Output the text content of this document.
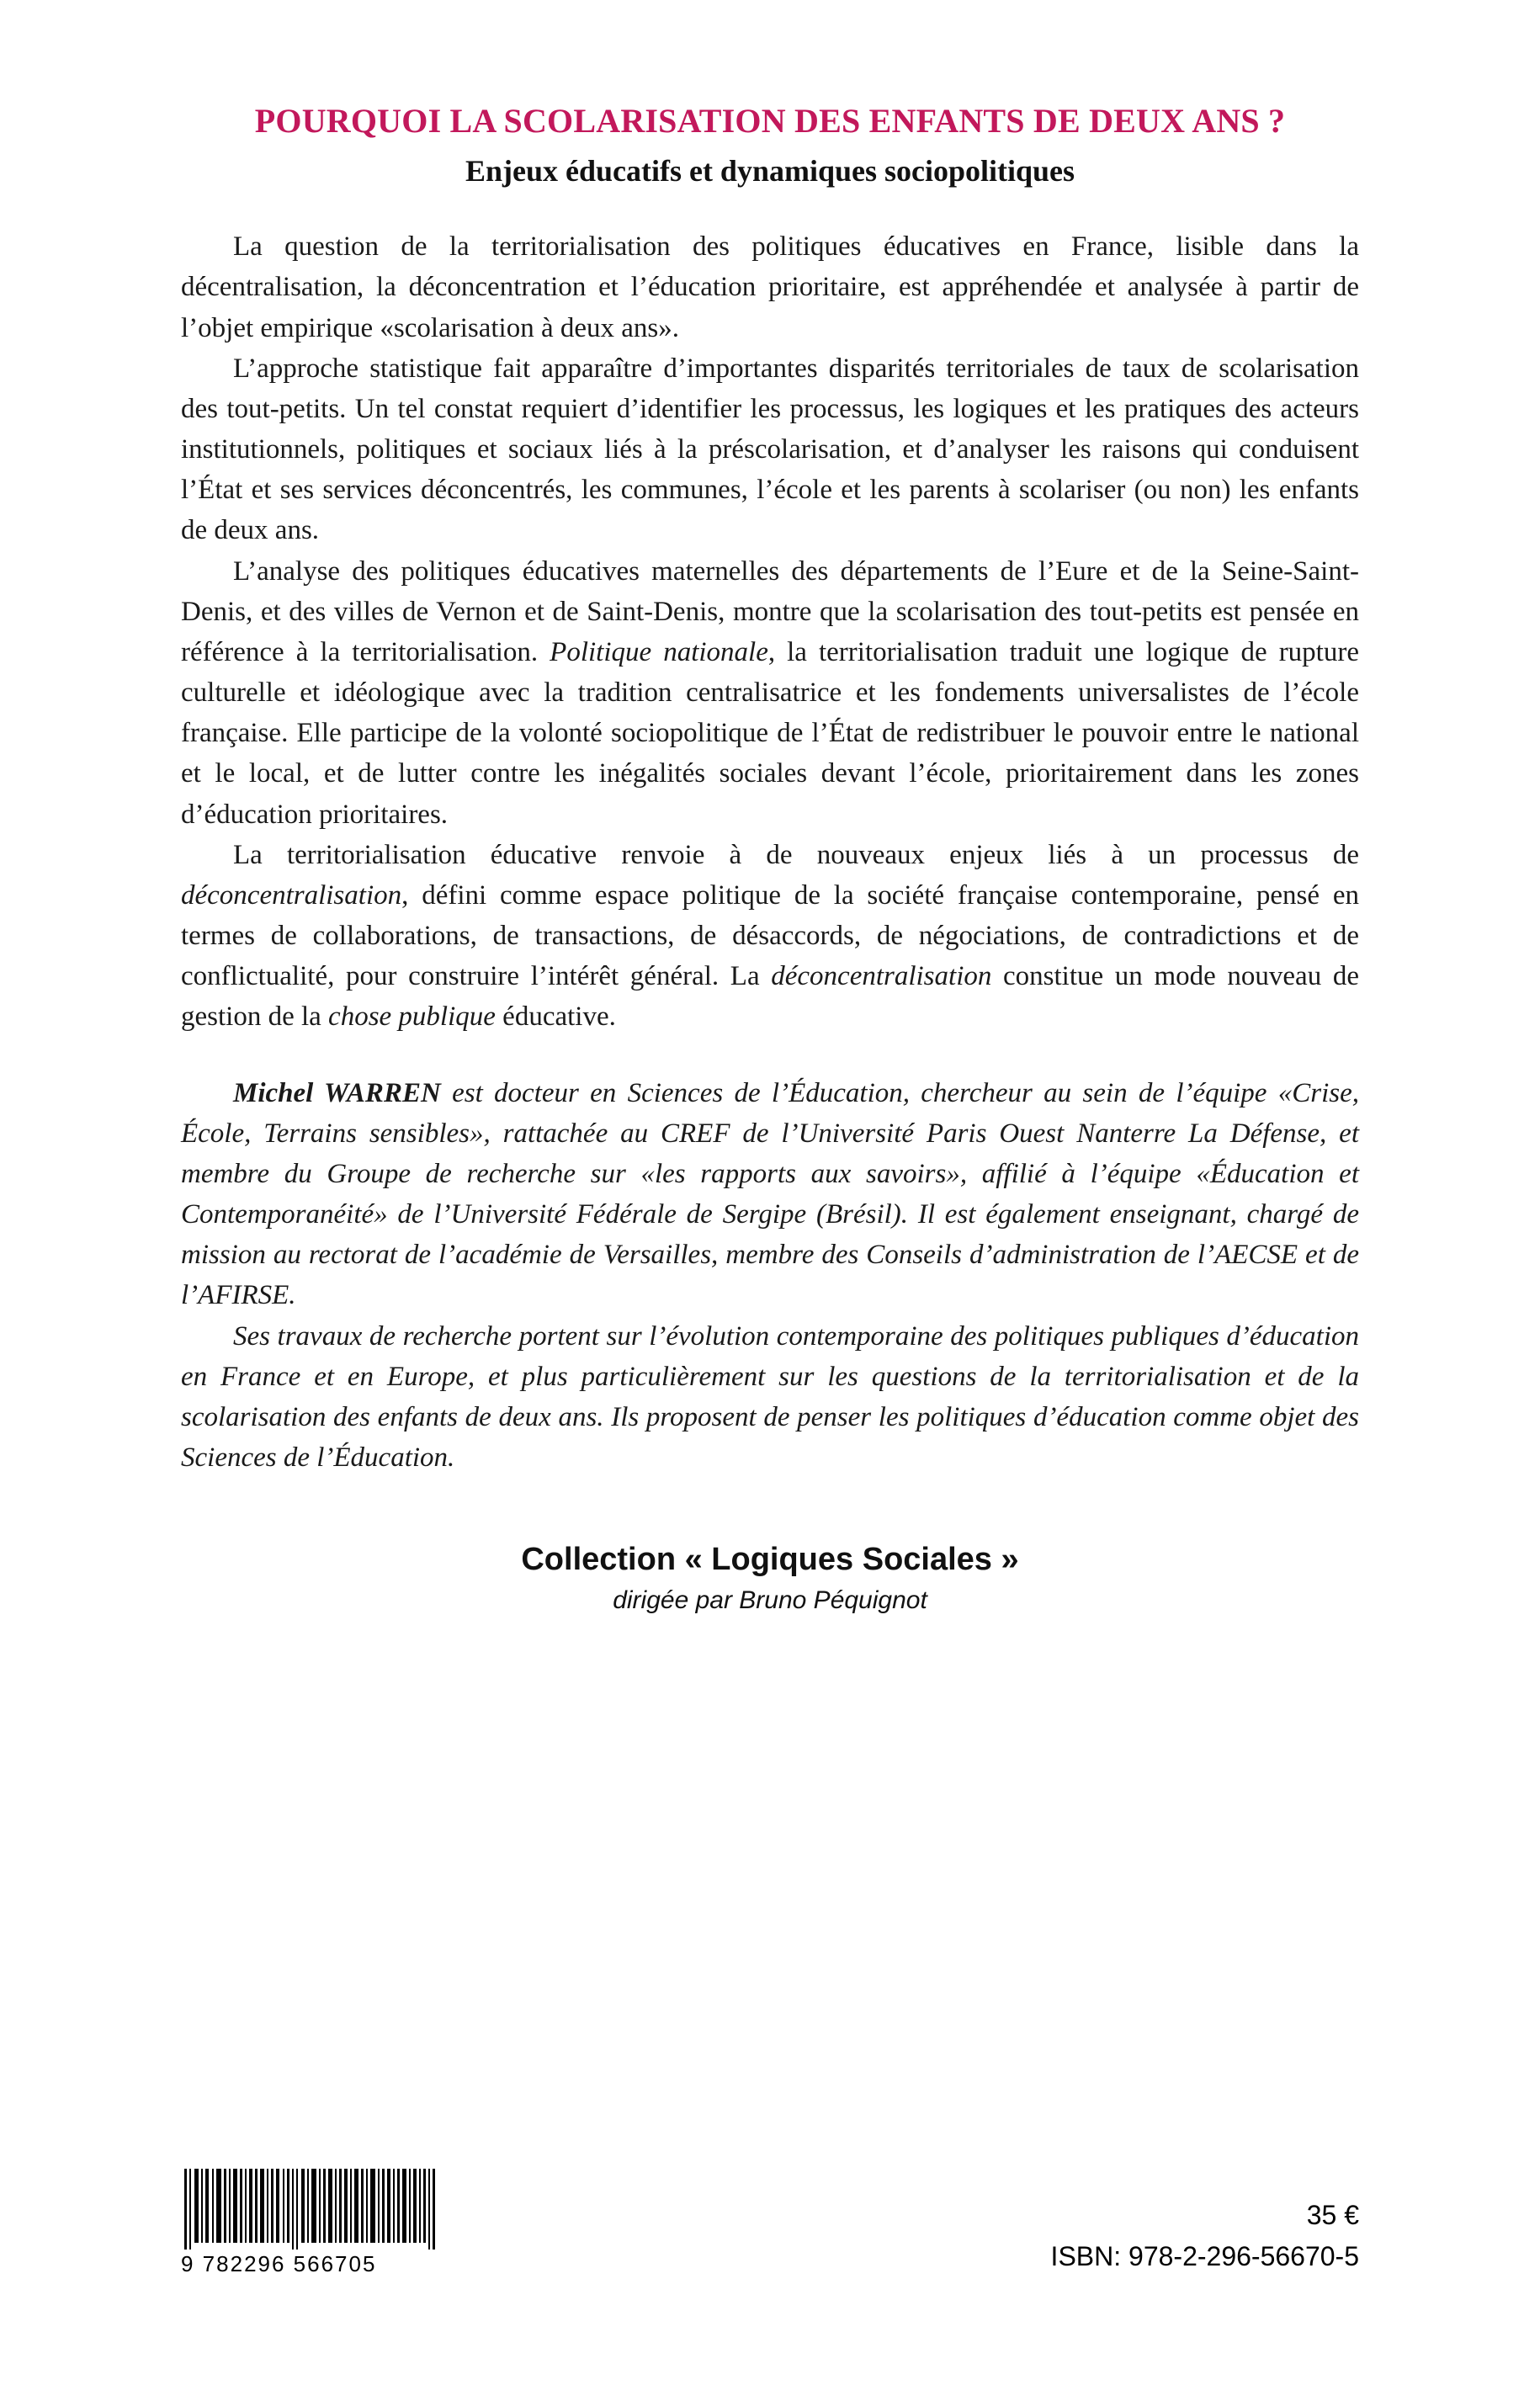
POURQUOI LA SCOLARISATION DES ENFANTS DE DEUX ANS ?
Enjeux éducatifs et dynamiques sociopolitiques

La question de la territorialisation des politiques éducatives en France, lisible dans la décentralisation, la déconcentration et l’éducation prioritaire, est appréhendée et analysée à partir de l’objet empirique «scolarisation à deux ans».

L’approche statistique fait apparaître d’importantes disparités territoriales de taux de scolarisation des tout-petits. Un tel constat requiert d’identifier les processus, les logiques et les pratiques des acteurs institutionnels, politiques et sociaux liés à la préscolarisation, et d’analyser les raisons qui conduisent l’État et ses services déconcentrés, les communes, l’école et les parents à scolariser (ou non) les enfants de deux ans.

L’analyse des politiques éducatives maternelles des départements de l’Eure et de la Seine-Saint-Denis, et des villes de Vernon et de Saint-Denis, montre que la scolarisation des tout-petits est pensée en référence à la territorialisation. Politique nationale, la territorialisation traduit une logique de rupture culturelle et idéologique avec la tradition centralisatrice et les fondements universalistes de l’école française. Elle participe de la volonté sociopolitique de l’État de redistribuer le pouvoir entre le national et le local, et de lutter contre les inégalités sociales devant l’école, prioritairement dans les zones d’éducation prioritaires.

La territorialisation éducative renvoie à de nouveaux enjeux liés à un processus de déconcentralisation, défini comme espace politique de la société française contemporaine, pensé en termes de collaborations, de transactions, de désaccords, de négociations, de contradictions et de conflictualité, pour construire l’intérêt général. La déconcentralisation constitue un mode nouveau de gestion de la chose publique éducative.

Michel WARREN est docteur en Sciences de l’Éducation, chercheur au sein de l’équipe «Crise, École, Terrains sensibles», rattachée au CREF de l’Université Paris Ouest Nanterre La Défense, et membre du Groupe de recherche sur «les rapports aux savoirs», affilié à l’équipe «Éducation et Contemporanéité» de l’Université Fédérale de Sergipe (Brésil). Il est également enseignant, chargé de mission au rectorat de l’académie de Versailles, membre des Conseils d’administration de l’AECSE et de l’AFIRSE.

Ses travaux de recherche portent sur l’évolution contemporaine des politiques publiques d’éducation en France et en Europe, et plus particulièrement sur les questions de la territorialisation et de la scolarisation des enfants de deux ans. Ils proposent de penser les politiques d’éducation comme objet des Sciences de l’Éducation.

Collection « Logiques Sociales »
dirigée par Bruno Péquignot
9 782296 566705
35 €
ISBN: 978-2-296-56670-5
